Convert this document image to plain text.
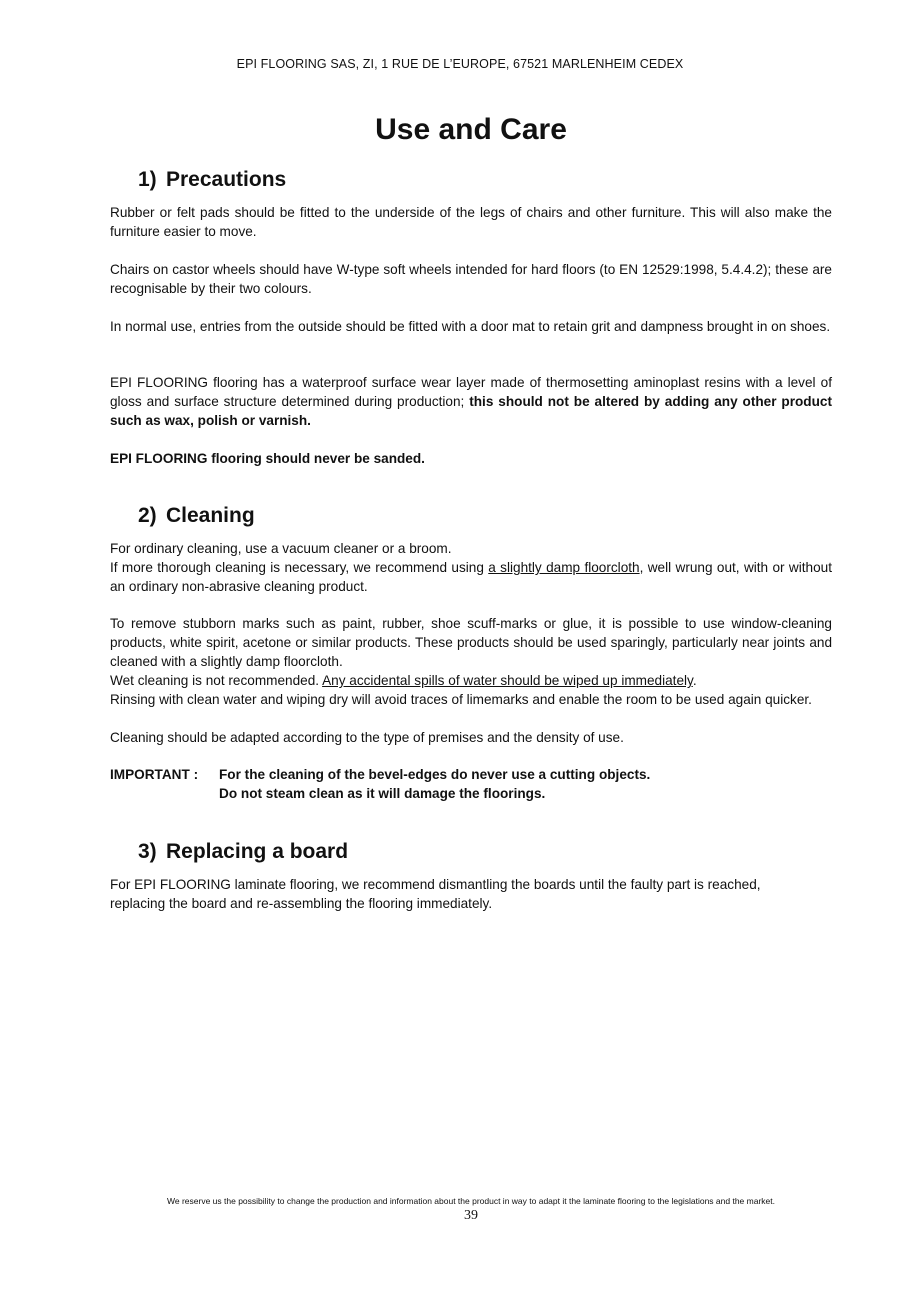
EPI FLOORING SAS, ZI, 1 RUE DE L’EUROPE, 67521 MARLENHEIM CEDEX
Use and Care
1) Precautions

Rubber or felt pads should be fitted to the underside of the legs of chairs and other furniture. This will also make the furniture easier to move.

Chairs on castor wheels should have W-type soft wheels intended for hard floors (to EN 12529:1998, 5.4.4.2); these are recognisable by their two colours.

In normal use, entries from the outside should be fitted with a door mat to retain grit and dampness brought in on shoes.

EPI FLOORING flooring has a waterproof surface wear layer made of thermosetting aminoplast resins with a level of gloss and surface structure determined during production; this should not be altered by adding any other product such as wax, polish or varnish.

EPI FLOORING flooring should never be sanded.

2) Cleaning

For ordinary cleaning, use a vacuum cleaner or a broom.
If more thorough cleaning is necessary, we recommend using a slightly damp floorcloth, well wrung out, with or without an ordinary non-abrasive cleaning product.

To remove stubborn marks such as paint, rubber, shoe scuff-marks or glue, it is possible to use window-cleaning products, white spirit, acetone or similar products. These products should be used sparingly, particularly near joints and cleaned with a slightly damp floorcloth.

Wet cleaning is not recommended. Any accidental spills of water should be wiped up immediately.

Rinsing with clean water and wiping dry will avoid traces of limemarks and enable the room to be used again quicker.

Cleaning should be adapted according to the type of premises and the density of use.

IMPORTANT : For the cleaning of the bevel-edges do never use a cutting objects.

Do not steam clean as it will damage the floorings.

3) Replacing a board

For EPI FLOORING laminate flooring, we recommend dismantling the boards until the faulty part is reached,
replacing the board and re-assembling the flooring immediately.

We reserve us the possibility to change the production and information about the product in way to adapt it the laminate flooring to the legislations and the market.
39
